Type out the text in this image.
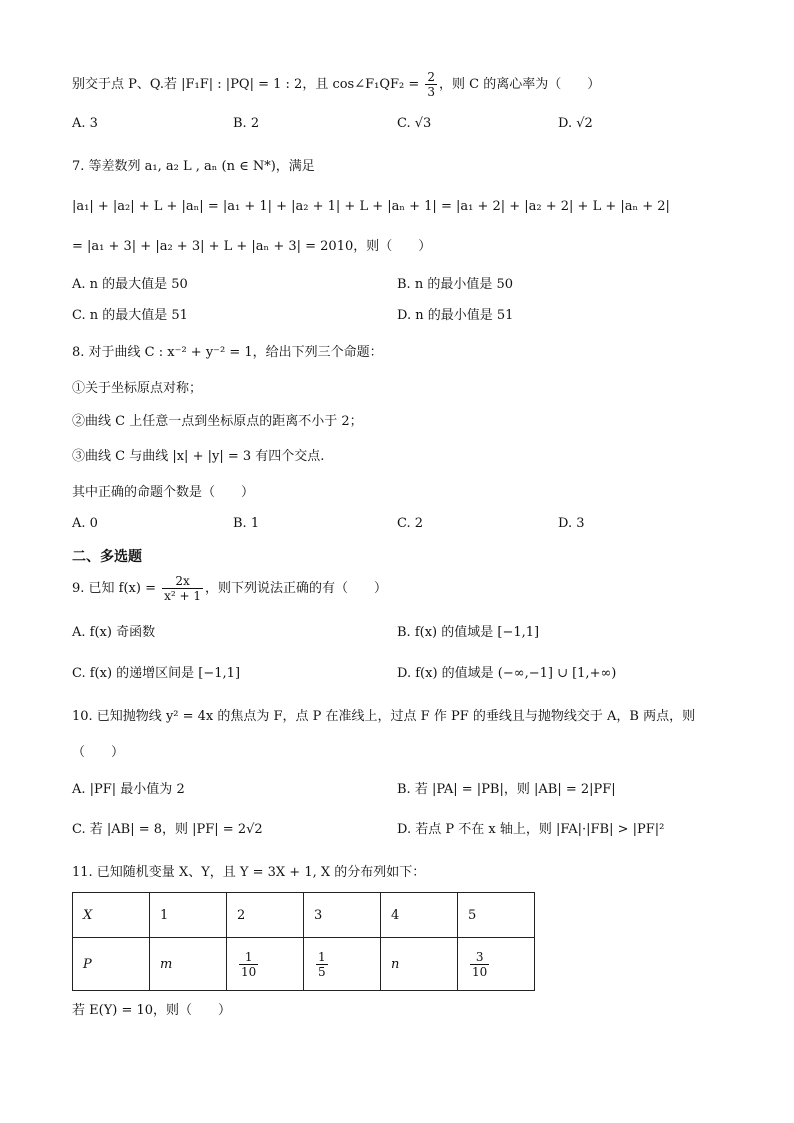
别交于点 P、Q.若 |F₁F| : |PQ| = 1 : 2，且 cos∠F₁QF₂ = $\frac{2}{3}$ ，则 C 的离心率为（　　）
A. 3	B. 2	C. √3	D. √2
7. 等差数列 a₁, a₂ L , aₙ (n ∈ N*)，满足
|a₁| + |a₂| + L + |aₙ| = |a₁ + 1| + |a₂ + 1| + L + |aₙ + 1| = |a₁ + 2| + |a₂ + 2| + L + |aₙ + 2|
= |a₁ + 3| + |a₂ + 3| + L + |aₙ + 3| = 2010，则（　　）
A. n 的最大值是 50	B. n 的最小值是 50
C. n 的最大值是 51	D. n 的最小值是 51
8. 对于曲线 C : x⁻² + y⁻² = 1，给出下列三个命题：
①关于坐标原点对称；
②曲线 C 上任意一点到坐标原点的距离不小于 2；
③曲线 C 与曲线 |x| + |y| = 3 有四个交点.
其中正确的命题个数是（　　）
A. 0	B. 1	C. 2	D. 3
二、多选题
9. 已知 $f(x) = \frac{2x}{\text{x² + 1}}$ ，则下列说法正确的有（　　）
A. f(x) 奇函数	B. f(x) 的值域是 [−1,1]
C. f(x) 的递增区间是 [−1,1]	D. f(x) 的值域是 (−∞,−1] ∪ [1,+∞)
10. 已知抛物线 y² = 4x 的焦点为 F，点 P 在准线上，过点 F 作 PF 的垂线且与抛物线交于 A，B 两点，则
（　　）
A. |PF| 最小值为 2	B. 若 |PA| = |PB|，则 |AB| = 2|PF|
C. 若 |AB| = 8，则 |PF| = 2√2	D. 若点 P 不在 x 轴上，则 |FA|·|FB| > |PF|²
11. 已知随机变量 X、Y，且 Y = 3X + 1, X 的分布列如下：
X	1	2	3	4	5
P	m	$\frac{1}{10}$	$\frac{1}{5}$	n	$\frac{3}{10}$
若 E(Y) = 10，则（　　）
